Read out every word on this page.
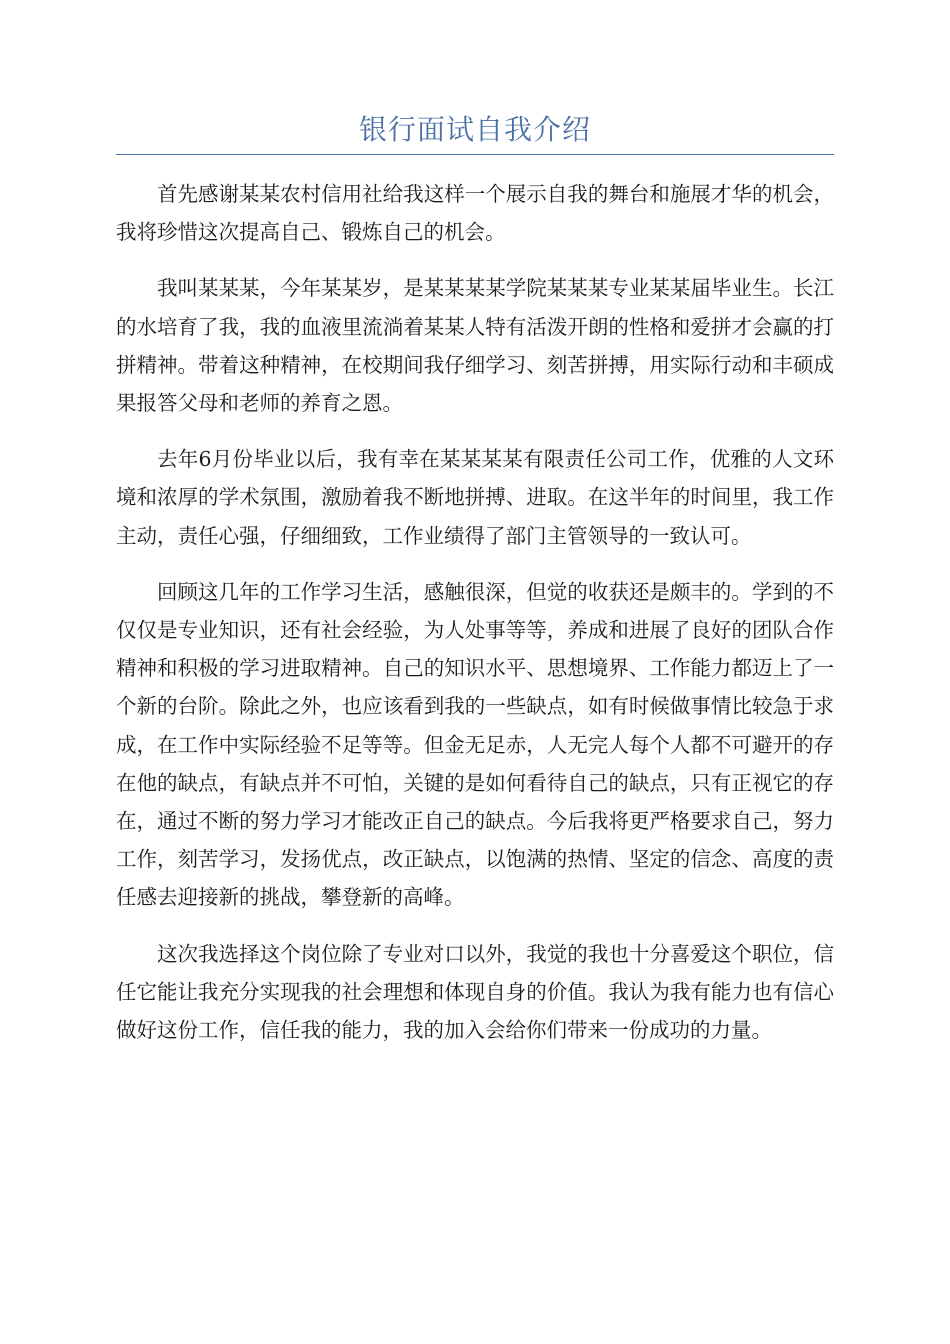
银行面试自我介绍

首先感谢某某农村信用社给我这样一个展示自我的舞台和施展才华的机会，我将珍惜这次提高自己、锻炼自己的机会。

我叫某某某，今年某某岁，是某某某某学院某某某专业某某届毕业生。长江的水培育了我，我的血液里流淌着某某人特有活泼开朗的性格和爱拼才会赢的打拼精神。带着这种精神，在校期间我仔细学习、刻苦拼搏，用实际行动和丰硕成果报答父母和老师的养育之恩。

去年6月份毕业以后，我有幸在某某某某有限责任公司工作，优雅的人文环境和浓厚的学术氛围，激励着我不断地拼搏、进取。在这半年的时间里，我工作主动，责任心强，仔细细致，工作业绩得了部门主管领导的一致认可。

回顾这几年的工作学习生活，感触很深，但觉的收获还是颇丰的。学到的不仅仅是专业知识，还有社会经验，为人处事等等，养成和进展了良好的团队合作精神和积极的学习进取精神。自己的知识水平、思想境界、工作能力都迈上了一个新的台阶。除此之外，也应该看到我的一些缺点，如有时候做事情比较急于求成，在工作中实际经验不足等等。但金无足赤，人无完人每个人都不可避开的存在他的缺点，有缺点并不可怕，关键的是如何看待自己的缺点，只有正视它的存在，通过不断的努力学习才能改正自己的缺点。今后我将更严格要求自己，努力工作，刻苦学习，发扬优点，改正缺点，以饱满的热情、坚定的信念、高度的责任感去迎接新的挑战，攀登新的高峰。

这次我选择这个岗位除了专业对口以外，我觉的我也十分喜爱这个职位，信任它能让我充分实现我的社会理想和体现自身的价值。我认为我有能力也有信心做好这份工作，信任我的能力，我的加入会给你们带来一份成功的力量。
